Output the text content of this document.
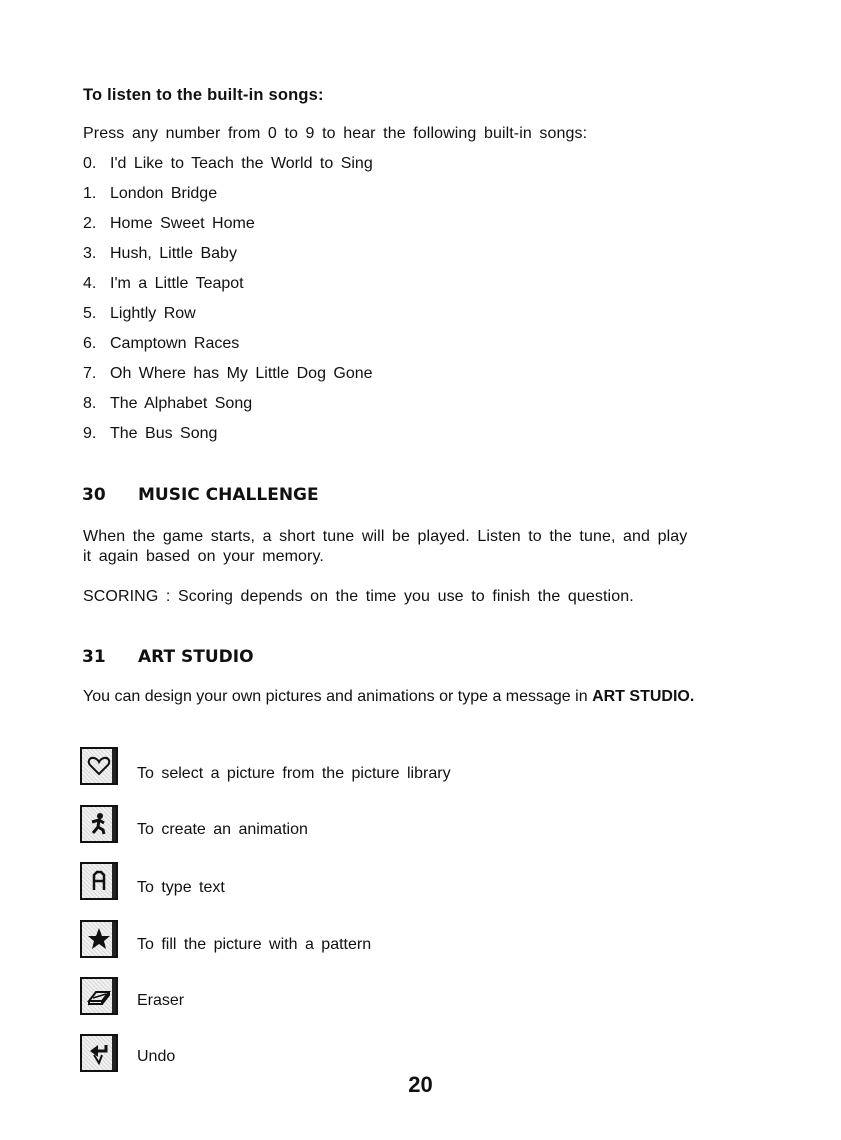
To listen to the built-in songs:
Press any number from 0 to 9 to hear the following built-in songs:
0. I'd Like to Teach the World to Sing
1. London Bridge
2. Home Sweet Home
3. Hush, Little Baby
4. I'm a Little Teapot
5. Lightly Row
6. Camptown Races
7. Oh Where has My Little Dog Gone
8. The Alphabet Song
9. The Bus Song
30 MUSIC CHALLENGE
When the game starts, a short tune will be played. Listen to the tune, and play
it again based on your memory.
SCORING : Scoring depends on the time you use to finish the question.
31 ART STUDIO
You can design your own pictures and animations or type a message in ART STUDIO.
To select a picture from the picture library
To create an animation
To type text
To fill the picture with a pattern
Eraser
Undo
20
